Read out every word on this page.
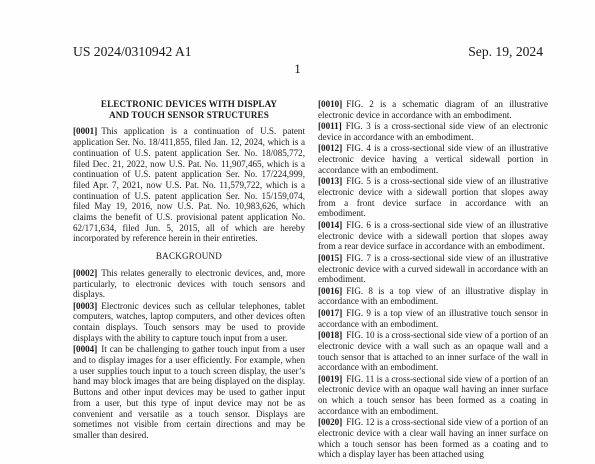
US 2024/0310942 A1	Sep. 19, 2024
1
ELECTRONIC DEVICES WITH DISPLAY
AND TOUCH SENSOR STRUCTURES

[0001] This application is a continuation of U.S. patent application Ser. No. 18/411,855, filed Jan. 12, 2024, which is a continuation of U.S. patent application Ser. No. 18/085,772, filed Dec. 21, 2022, now U.S. Pat. No. 11,907,465, which is a continuation of U.S. patent application Ser. No. 17/224,999, filed Apr. 7, 2021, now U.S. Pat. No. 11,579,722, which is a continuation of U.S. patent application Ser. No. 15/159,074, filed May 19, 2016, now U.S. Pat. No. 10,983,626, which claims the benefit of U.S. provisional patent application No. 62/171,634, filed Jun. 5, 2015, all of which are hereby incorporated by reference herein in their entireties.

BACKGROUND

[0002] This relates generally to electronic devices, and, more particularly, to electronic devices with touch sensors and displays.

[0003] Electronic devices such as cellular telephones, tablet computers, watches, laptop computers, and other devices often contain displays. Touch sensors may be used to provide displays with the ability to capture touch input from a user.

[0004] It can be challenging to gather touch input from a user and to display images for a user efficiently. For example, when a user supplies touch input to a touch screen display, the user’s hand may block images that are being displayed on the display. Buttons and other input devices may be used to gather input from a user, but this type of input device may not be as convenient and versatile as a touch sensor. Displays are sometimes not visible from certain directions and may be smaller than desired.

[0010] FIG. 2 is a schematic diagram of an illustrative electronic device in accordance with an embodiment.

[0011] FIG. 3 is a cross-sectional side view of an electronic device in accordance with an embodiment.

[0012] FIG. 4 is a cross-sectional side view of an illustrative electronic device having a vertical sidewall portion in accordance with an embodiment.

[0013] FIG. 5 is a cross-sectional side view of an illustrative electronic device with a sidewall portion that slopes away from a front device surface in accordance with an embodiment.

[0014] FIG. 6 is a cross-sectional side view of an illustrative electronic device with a sidewall portion that slopes away from a rear device surface in accordance with an embodiment.

[0015] FIG. 7 is a cross-sectional side view of an illustrative electronic device with a curved sidewall in accordance with an embodiment.

[0016] FIG. 8 is a top view of an illustrative display in accordance with an embodiment.

[0017] FIG. 9 is a top view of an illustrative touch sensor in accordance with an embodiment.

[0018] FIG. 10 is a cross-sectional side view of a portion of an electronic device with a wall such as an opaque wall and a touch sensor that is attached to an inner surface of the wall in accordance with an embodiment.

[0019] FIG. 11 is a cross-sectional side view of a portion of an electronic device with an opaque wall having an inner surface on which a touch sensor has been formed as a coating in accordance with an embodiment.

[0020] FIG. 12 is a cross-sectional side view of a portion of an electronic device with a clear wall having an inner surface on which a touch sensor has been formed as a coating and to which a display layer has been attached using
